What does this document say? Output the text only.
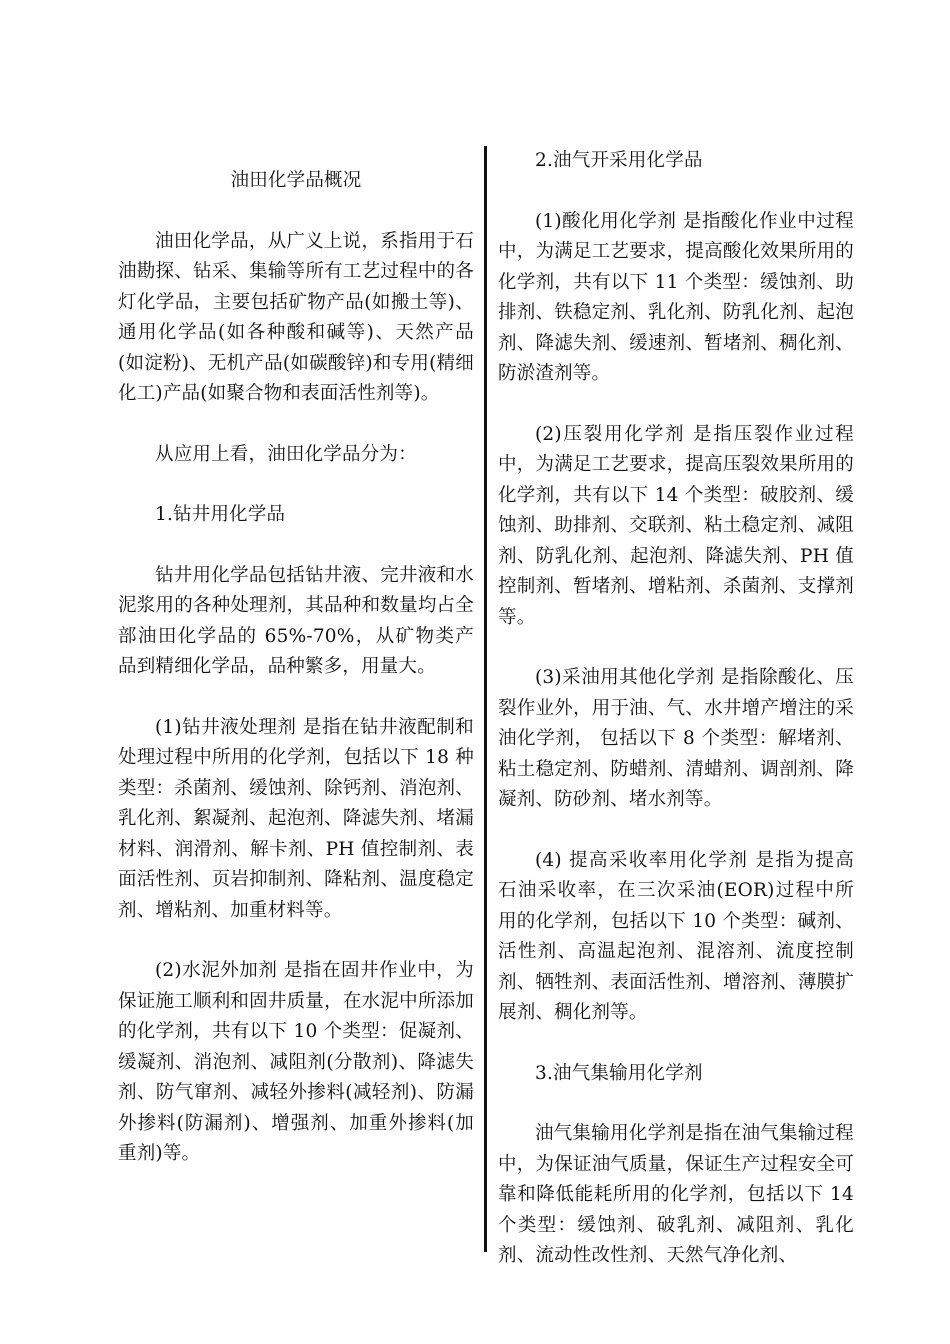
油田化学品概况

油田化学品，从广义上说，系指用于石油勘探、钻采、集输等所有工艺过程中的各灯化学品，主要包括矿物产品(如搬土等)、通用化学品(如各种酸和碱等)、天然产品(如淀粉)、无机产品(如碳酸锌)和专用(精细化工)产品(如聚合物和表面活性剂等)。

从应用上看，油田化学品分为：

1.钻井用化学品

钻井用化学品包括钻井液、完井液和水泥浆用的各种处理剂，其品种和数量均占全部油田化学品的 65%-70%，从矿物类产品到精细化学品，品种繁多，用量大。

(1)钻井液处理剂 是指在钻井液配制和处理过程中所用的化学剂，包括以下 18 种类型：杀菌剂、缓蚀剂、除钙剂、消泡剂、乳化剂、絮凝剂、起泡剂、降滤失剂、堵漏材料、润滑剂、解卡剂、PH 值控制剂、表面活性剂、页岩抑制剂、降粘剂、温度稳定剂、增粘剂、加重材料等。

(2)水泥外加剂 是指在固井作业中，为保证施工顺利和固井质量，在水泥中所添加的化学剂，共有以下 10 个类型：促凝剂、缓凝剂、消泡剂、减阻剂(分散剂)、降滤失剂、防气窜剂、减轻外掺料(减轻剂)、防漏外掺料(防漏剂)、增强剂、加重外掺料(加重剂)等。

2.油气开采用化学品

(1)酸化用化学剂 是指酸化作业中过程中，为满足工艺要求，提高酸化效果所用的化学剂，共有以下 11 个类型：缓蚀剂、助排剂、铁稳定剂、乳化剂、防乳化剂、起泡剂、降滤失剂、缓速剂、暂堵剂、稠化剂、防淤渣剂等。

(2)压裂用化学剂 是指压裂作业过程中，为满足工艺要求，提高压裂效果所用的化学剂，共有以下 14 个类型：破胶剂、缓蚀剂、助排剂、交联剂、粘土稳定剂、减阻剂、防乳化剂、起泡剂、降滤失剂、PH 值控制剂、暂堵剂、增粘剂、杀菌剂、支撑剂等。

(3)采油用其他化学剂 是指除酸化、压裂作业外，用于油、气、水井增产增注的采油化学剂， 包括以下 8 个类型：解堵剂、粘土稳定剂、防蜡剂、清蜡剂、调剖剂、降凝剂、防砂剂、堵水剂等。

(4) 提高采收率用化学剂 是指为提高石油采收率，在三次采油(EOR)过程中所用的化学剂，包括以下 10 个类型：碱剂、活性剂、高温起泡剂、混溶剂、流度控制剂、牺牲剂、表面活性剂、增溶剂、薄膜扩展剂、稠化剂等。

3.油气集输用化学剂

油气集输用化学剂是指在油气集输过程中，为保证油气质量，保证生产过程安全可靠和降低能耗所用的化学剂，包括以下 14 个类型：缓蚀剂、破乳剂、减阻剂、乳化剂、流动性改性剂、天然气净化剂、
